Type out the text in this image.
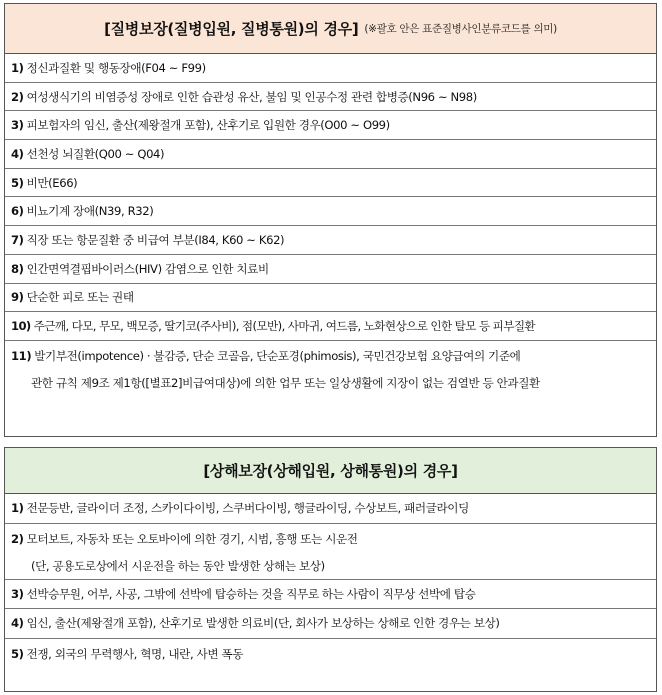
[질병보장(질병입원, 질병통원)의 경우] (※괄호 안은 표준질병사인분류코드를 의미)
1) 정신과질환 및 행동장애(F04 ~ F99)
2) 여성생식기의 비염증성 장애로 인한 습관성 유산, 불임 및 인공수정 관련 합병증(N96 ~ N98)
3) 피보험자의 임신, 출산(제왕절개 포함), 산후기로 입원한 경우(O00 ~ O99)
4) 선천성 뇌질환(Q00 ~ Q04)
5) 비만(E66)
6) 비뇨기계 장애(N39, R32)
7) 직장 또는 항문질환 중 비급여 부분(I84, K60 ~ K62)
8) 인간면역결핍바이러스(HIV) 감염으로 인한 치료비
9) 단순한 피로 또는 권태
10) 주근깨, 다모, 무모, 백모증, 딸기코(주사비), 점(모반), 사마귀, 여드름, 노화현상으로 인한 탈모 등 피부질환
11) 발기부전(impotence) · 불감증, 단순 코골음, 단순포경(phimosis), 국민건강보험 요양급여의 기준에
관한 규칙 제9조 제1항([별표2]비급여대상)에 의한 업무 또는 일상생활에 지장이 없는 검열반 등 안과질환
[상해보장(상해입원, 상해통원)의 경우]
1) 전문등반, 글라이더 조정, 스카이다이빙, 스쿠버다이빙, 행글라이딩, 수상보트, 패러글라이딩
2) 모터보트, 자동차 또는 오토바이에 의한 경기, 시범, 흥행 또는 시운전
(단, 공용도로상에서 시운전을 하는 동안 발생한 상해는 보상)
3) 선박승무원, 어부, 사공, 그밖에 선박에 탑승하는 것을 직무로 하는 사람이 직무상 선박에 탑승
4) 임신, 출산(제왕절개 포함), 산후기로 발생한 의료비(단, 회사가 보상하는 상해로 인한 경우는 보상)
5) 전쟁, 외국의 무력행사, 혁명, 내란, 사변 폭동
